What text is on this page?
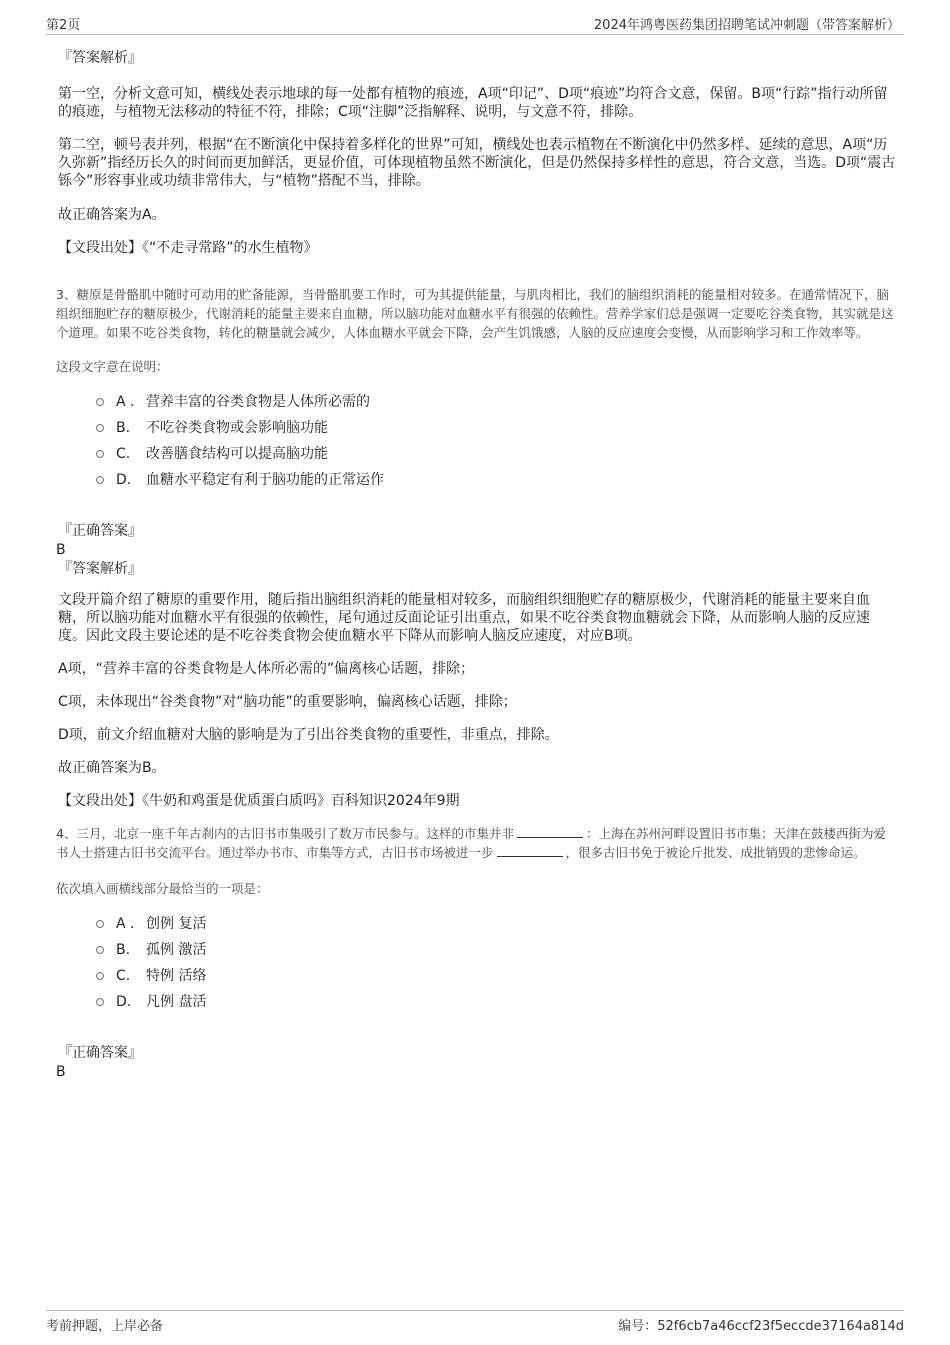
第2页	2024年鸿粤医药集团招聘笔试冲刺题（带答案解析）
『答案解析』

第一空，分析文意可知，横线处表示地球的每一处都有植物的痕迹，A项“印记”、D项“痕迹”均符合文意，保留。B项“行踪”指行动所留的痕迹，与植物无法移动的特征不符，排除；C项“注脚”泛指解释、说明，与文意不符，排除。

第二空，顿号表并列，根据“在不断演化中保持着多样化的世界”可知，横线处也表示植物在不断演化中仍然多样、延续的意思，A项“历久弥新”指经历长久的时间而更加鲜活，更显价值，可体现植物虽然不断演化，但是仍然保持多样性的意思，符合文意，当选。D项“震古铄今”形容事业或功绩非常伟大，与“植物”搭配不当，排除。

故正确答案为A。

【文段出处】《“不走寻常路”的水生植物》

3、糖原是骨骼肌中随时可动用的贮备能源，当骨骼肌要工作时，可为其提供能量，与肌肉相比，我们的脑组织消耗的能量相对较多。在通常情况下，脑组织细胞贮存的糖原极少，代谢消耗的能量主要来自血糖，所以脑功能对血糖水平有很强的依赖性。营养学家们总是强调一定要吃谷类食物，其实就是这个道理。如果不吃谷类食物，转化的糖量就会减少，人体血糖水平就会下降，会产生饥饿感，人脑的反应速度会变慢，从而影响学习和工作效率等。

这段文字意在说明：

A . 营养丰富的谷类食物是人体所必需的
B. 不吃谷类食物或会影响脑功能
C. 改善膳食结构可以提高脑功能
D. 血糖水平稳定有利于脑功能的正常运作
『正确答案』

B

『答案解析』

文段开篇介绍了糖原的重要作用，随后指出脑组织消耗的能量相对较多，而脑组织细胞贮存的糖原极少，代谢消耗的能量主要来自血糖，所以脑功能对血糖水平有很强的依赖性，尾句通过反面论证引出重点，如果不吃谷类食物血糖就会下降，从而影响人脑的反应速度。因此文段主要论述的是不吃谷类食物会使血糖水平下降从而影响人脑反应速度，对应B项。

A项，“营养丰富的谷类食物是人体所必需的”偏离核心话题，排除；

C项，未体现出“谷类食物”对“脑功能”的重要影响，偏离核心话题，排除；

D项，前文介绍血糖对大脑的影响是为了引出谷类食物的重要性，非重点，排除。

故正确答案为B。

【文段出处】《牛奶和鸡蛋是优质蛋白质吗》百科知识2024年9期

4、三月，北京一座千年古刹内的古旧书市集吸引了数万市民参与。这样的市集并非	：上海在苏州河畔设置旧书市集；天津在鼓楼西街为爱书人士搭建古旧书交流平台。通过举办书市、市集等方式，古旧书市场被进一步	，很多古旧书免于被论斤批发、成批销毁的悲惨命运。

依次填入画横线部分最恰当的一项是：

A . 创例 复活
B. 孤例 激活
C. 特例 活络
D. 凡例 盘活
『正确答案』

B

考前押题，上岸必备	编号：52f6cb7a46ccf23f5eccde37164a814d
